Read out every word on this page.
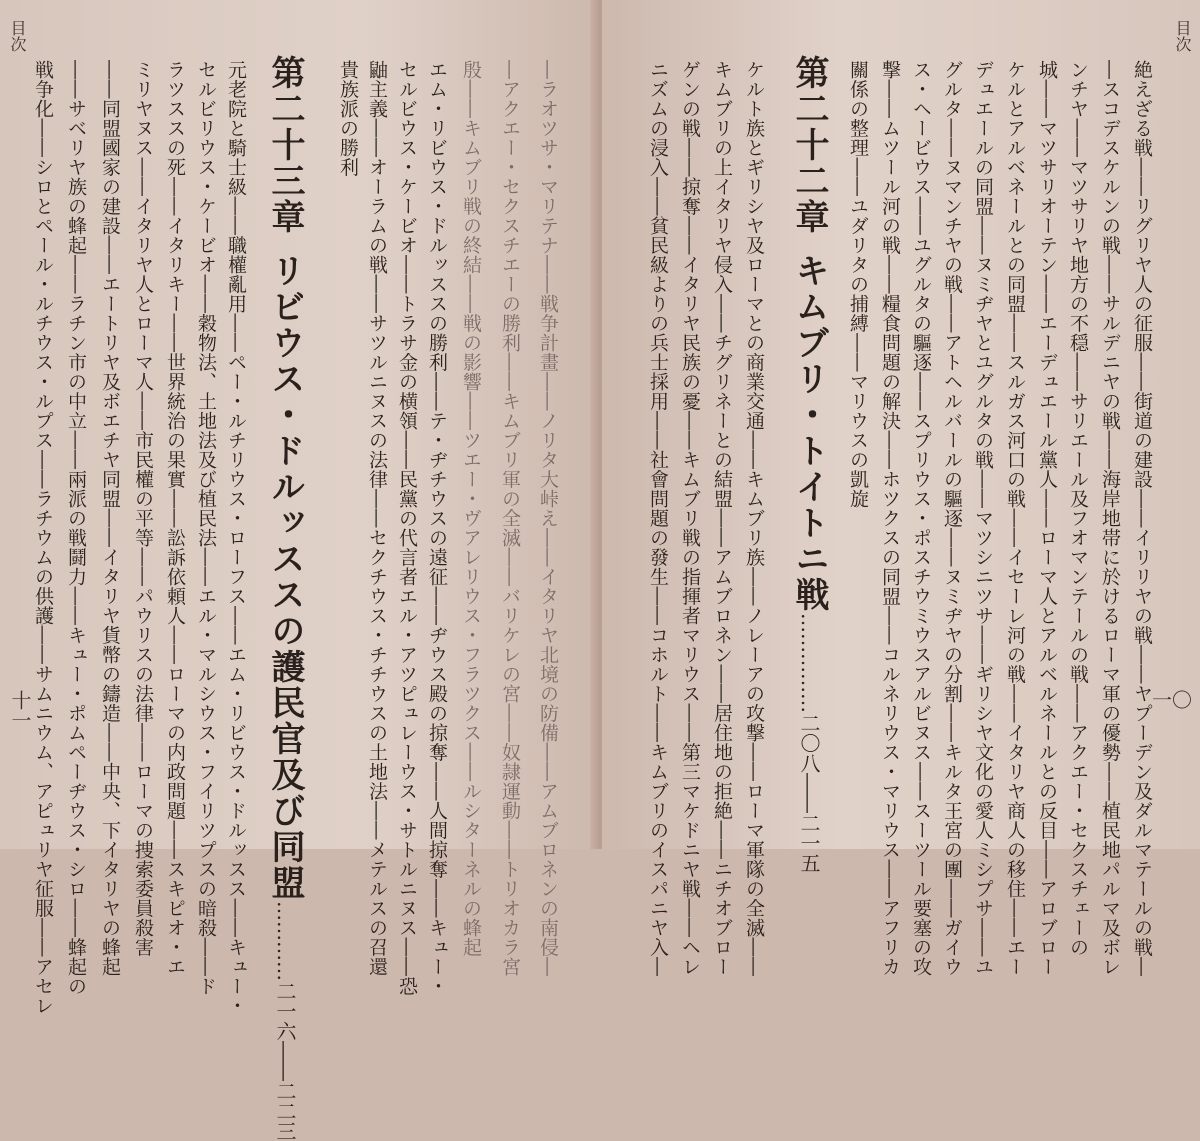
目次
貴族派の勝利 鼬主義――オーラムの戦――サツルニヌスの法律――セクチウス・チチウスの土地法――メテルスの召還 セルビウス・ケービオ――トラサ金の横領――民黨の代言者エル・アツピュレーウス・サトルニヌス――恐 エム・リビウス・ドルッススの勝利――テ・ヂチウスの遠征――ヂウス殿の掠奪――人間掠奪――キュー・ 殷――キムブリ戦の終結――戦の影響――ツエー・ヴアレリウス・フラツクス――ルシターネルの蜂起 ―アクエー・セクスチエーの勝利――キムブリ軍の全滅――バリケレの宮――奴隷運動――トリオカラ宮 ―ラオツサ・マリテナ――戦争計畫――ノリタ大峠え――イタリヤ北境の防備――アムブロネンの南侵―
第二十三章リビウス・ドルッススの護民官及び同盟…………二一六――二二三
元老院と騎士級――職權亂用――ペー・ルチリウス・ローフス――エム・リビウス・ドルッスス――キュー・
セルビリウス・ケービオ――穀物法、土地法及び植民法――エル・マルシウス・フイリツプスの暗殺――ド
ラツススの死――イタリキー――世界統治の果實――訟訴依頼人――ローマの内政問題――スキピオ・エ
ミリヤヌス――イタリヤ人とローマ人――市民權の平等――パウリスの法律――ローマの捜索委員殺害
――同盟國家の建設――エートリヤ及ボエチヤ同盟――イタリヤ貨幣の鑄造――中央、下イタリヤの蜂起
――サベリヤ族の蜂起――ラチン市の中立――兩派の戦鬪力――キュー・ポムペーヂウス・シロ――蜂起の
戦争化――シロとペール・ルチウス・ルプス――ラチウムの供護――サムニウム、アピュリヤ征服――アセレ
十一
目次
絶えざる戦――リグリヤ人の征服――街道の建設――イリリヤの戦――ヤプーデン及ダルマテールの戦―
―スコデスケルンの戦――サルデニヤの戦――海岸地帯に於けるローマ軍の優勢――植民地パルマ及ボレ
ンチヤ――マツサリヤ地方の不穏――サリエール及フオマンテールの戦――アクエー・セクスチェーの
城――マツサリオーテン――エーデュエール黨人――ローマ人とアルベルネールとの反目――アロブロー
ケルとアルベネールとの同盟――スルガス河口の戦――イセーレ河の戦――イタリヤ商人の移住――エー
デュエールの同盟――ヌミヂヤとユグルタの戦――マツシニツサ――ギリシヤ文化の愛人ミシプサ――ユ
グルタ――ヌマンチヤの戦――アトヘルバールの驅逐――ヌミヂヤの分割――キルタ王宮の團――ガイウ
ス・ヘービウス――ユグルタの驅逐――スプリウス・ポスチウミウスアルビヌス――スーツール要塞の攻
撃――ムツール河の戦――糧食問題の解決――ホツクスの同盟――コルネリウス・マリウス――アフリカ
關係の整理――ユダリタの捕縛――マリウスの凱旋
第二十二章キムブリ・トイトニ戦……………二〇八――二一五
ケルト族とギリシヤ及ローマとの商業交通――キムブリ族――ノレーアの攻撃――ローマ軍隊の全滅――
キムブリの上イタリヤ侵入――チグリネーとの結盟――アムブロネン――居住地の拒絶――ニチオブロー
ゲンの戦――掠奪――イタリヤ民族の憂――キムブリ戦の指揮者マリウス――第三マケドニヤ戦――ヘレ
ニズムの浸入――貧民級よりの兵士採用――社會問題の發生――コホルト――キムブリのイスパニヤ入―	一〇
